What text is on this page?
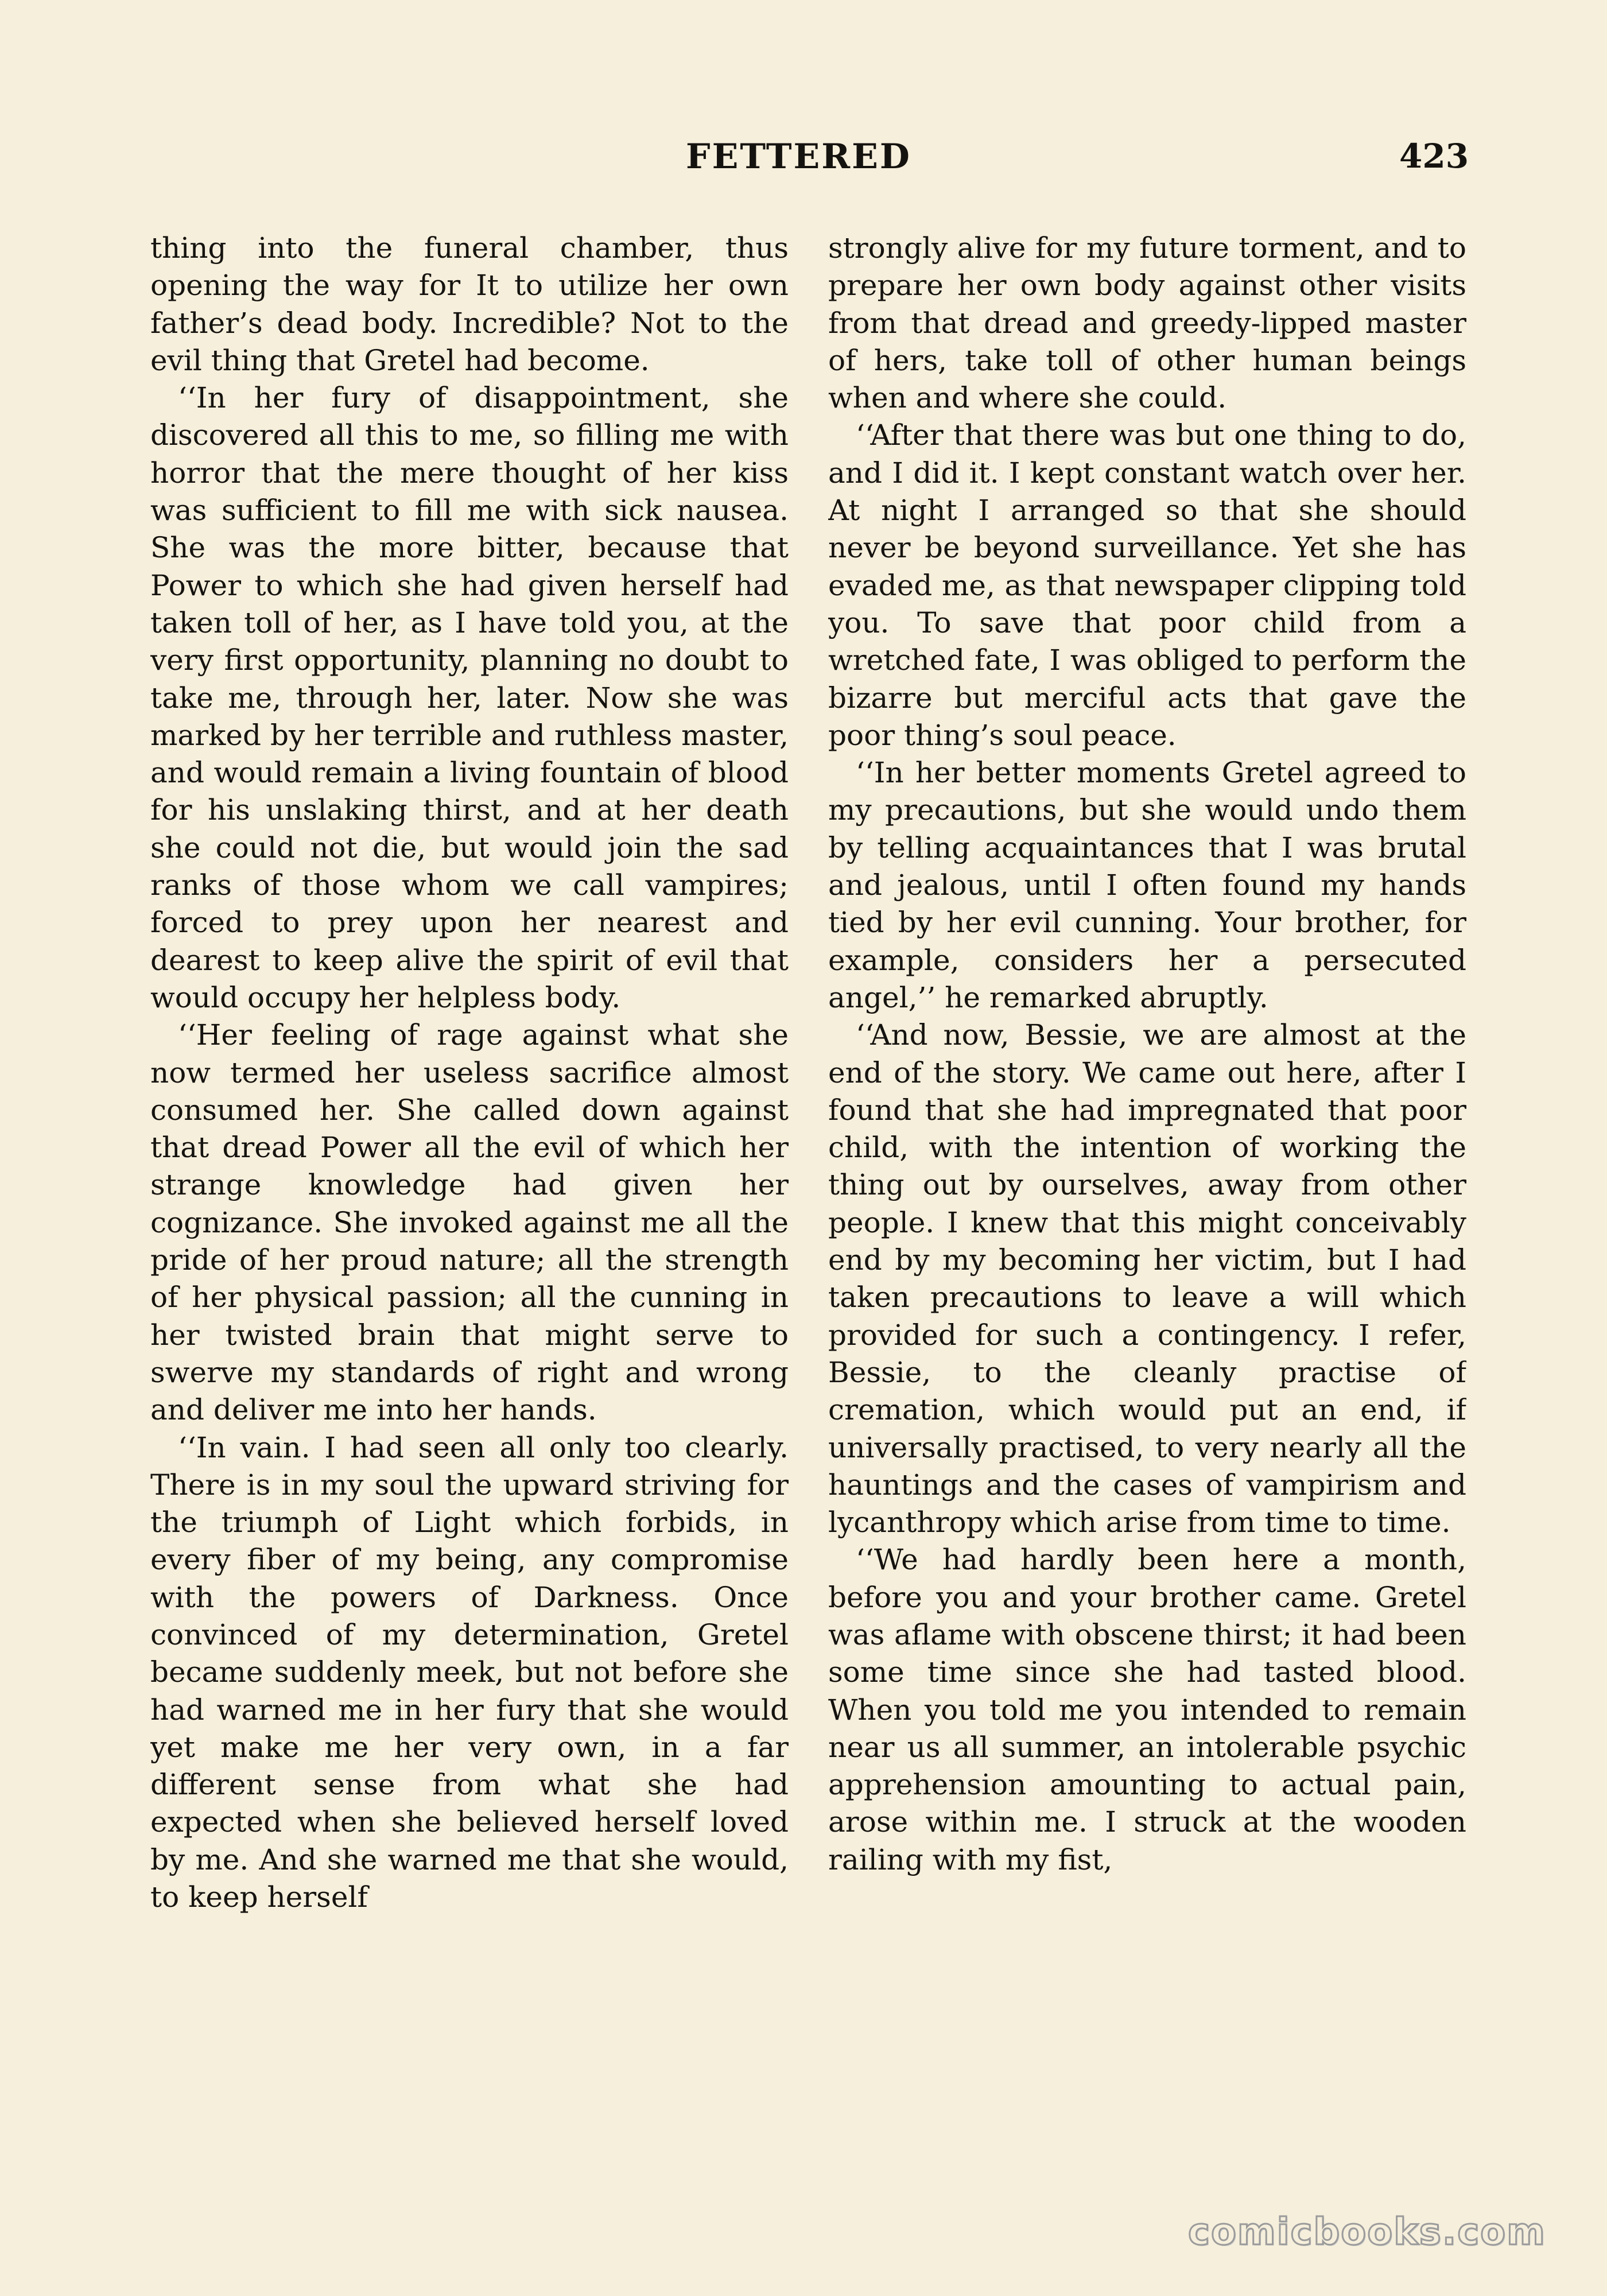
FETTERED	423

thing into the funeral chamber, thus opening the way for It to utilize her own father’s dead body. Incredible? Not to the evil thing that Gretel had become.

‘‘In her fury of disappointment, she discovered all this to me, so filling me with horror that the mere thought of her kiss was sufficient to fill me with sick nausea. She was the more bitter, because that Power to which she had given herself had taken toll of her, as I have told you, at the very first opportunity, planning no doubt to take me, through her, later. Now she was marked by her terrible and ruthless master, and would remain a living fountain of blood for his unslaking thirst, and at her death she could not die, but would join the sad ranks of those whom we call vampires; forced to prey upon her nearest and dearest to keep alive the spirit of evil that would occupy her helpless body.

‘‘Her feeling of rage against what she now termed her useless sacrifice almost consumed her. She called down against that dread Power all the evil of which her strange knowledge had given her cognizance. She invoked against me all the pride of her proud nature; all the strength of her physical passion; all the cunning in her twisted brain that might serve to swerve my standards of right and wrong and deliver me into her hands.

‘‘In vain. I had seen all only too clearly. There is in my soul the upward striving for the triumph of Light which forbids, in every fiber of my being, any compromise with the powers of Darkness. Once convinced of my determination, Gretel became suddenly meek, but not before she had warned me in her fury that she would yet make me her very own, in a far different sense from what she had expected when she believed herself loved by me. And she warned me that she would, to keep herself

strongly alive for my future torment, and to prepare her own body against other visits from that dread and greedy-lipped master of hers, take toll of other human beings when and where she could.

‘‘After that there was but one thing to do, and I did it. I kept constant watch over her. At night I arranged so that she should never be beyond surveillance. Yet she has evaded me, as that newspaper clipping told you. To save that poor child from a wretched fate, I was obliged to perform the bizarre but merciful acts that gave the poor thing’s soul peace.

‘‘In her better moments Gretel agreed to my precautions, but she would undo them by telling acquaintances that I was brutal and jealous, until I often found my hands tied by her evil cunning. Your brother, for example, considers her a persecuted angel,’’ he remarked abruptly.

‘‘And now, Bessie, we are almost at the end of the story. We came out here, after I found that she had impregnated that poor child, with the intention of working the thing out by ourselves, away from other people. I knew that this might conceivably end by my becoming her victim, but I had taken precautions to leave a will which provided for such a contingency. I refer, Bessie, to the cleanly practise of cremation, which would put an end, if universally practised, to very nearly all the hauntings and the cases of vampirism and lycanthropy which arise from time to time.

‘‘We had hardly been here a month, before you and your brother came. Gretel was aflame with obscene thirst; it had been some time since she had tasted blood. When you told me you intended to remain near us all summer, an intolerable psychic apprehension amounting to actual pain, arose within me. I struck at the wooden railing with my fist,

comicbooks.com
